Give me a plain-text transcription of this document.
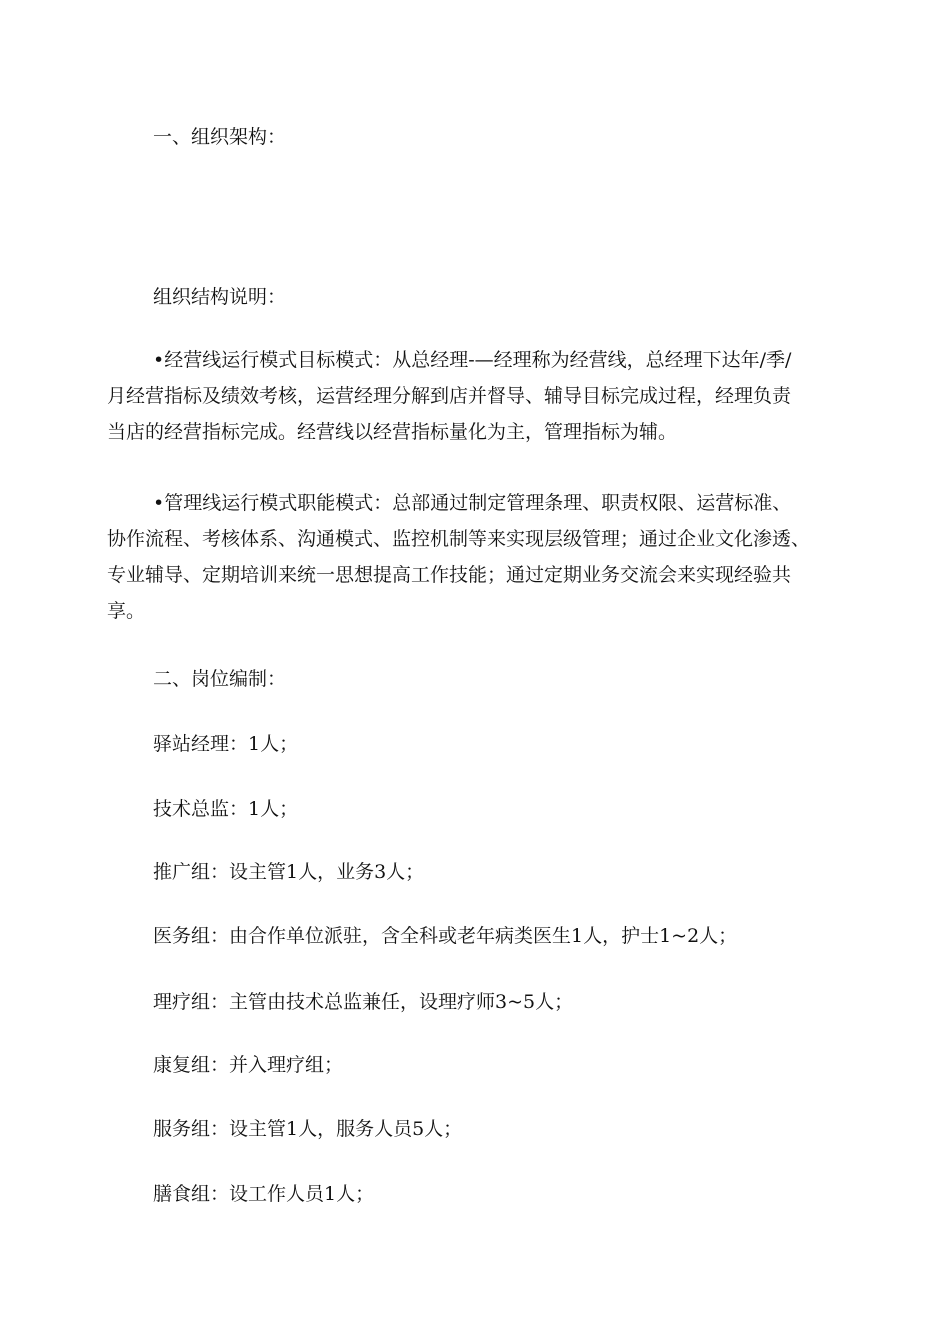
一、组织架构：

组织结构说明：

•经营线运行模式目标模式：从总经理-—经理称为经营线，总经理下达年/季/
月经营指标及绩效考核，运营经理分解到店并督导、辅导目标完成过程，经理负责
当店的经营指标完成。经营线以经营指标量化为主，管理指标为辅。

•管理线运行模式职能模式：总部通过制定管理条理、职责权限、运营标准、
协作流程、考核体系、沟通模式、监控机制等来实现层级管理；通过企业文化渗透、
专业辅导、定期培训来统一思想提高工作技能；通过定期业务交流会来实现经验共
享。

二、岗位编制：

驿站经理：1人；

技术总监：1人；

推广组：设主管1人，业务3人；

医务组：由合作单位派驻，含全科或老年病类医生1人，护士1~2人；

理疗组：主管由技术总监兼任，设理疗师3~5人；

康复组：并入理疗组；

服务组：设主管1人，服务人员5人；

膳食组：设工作人员1人；
